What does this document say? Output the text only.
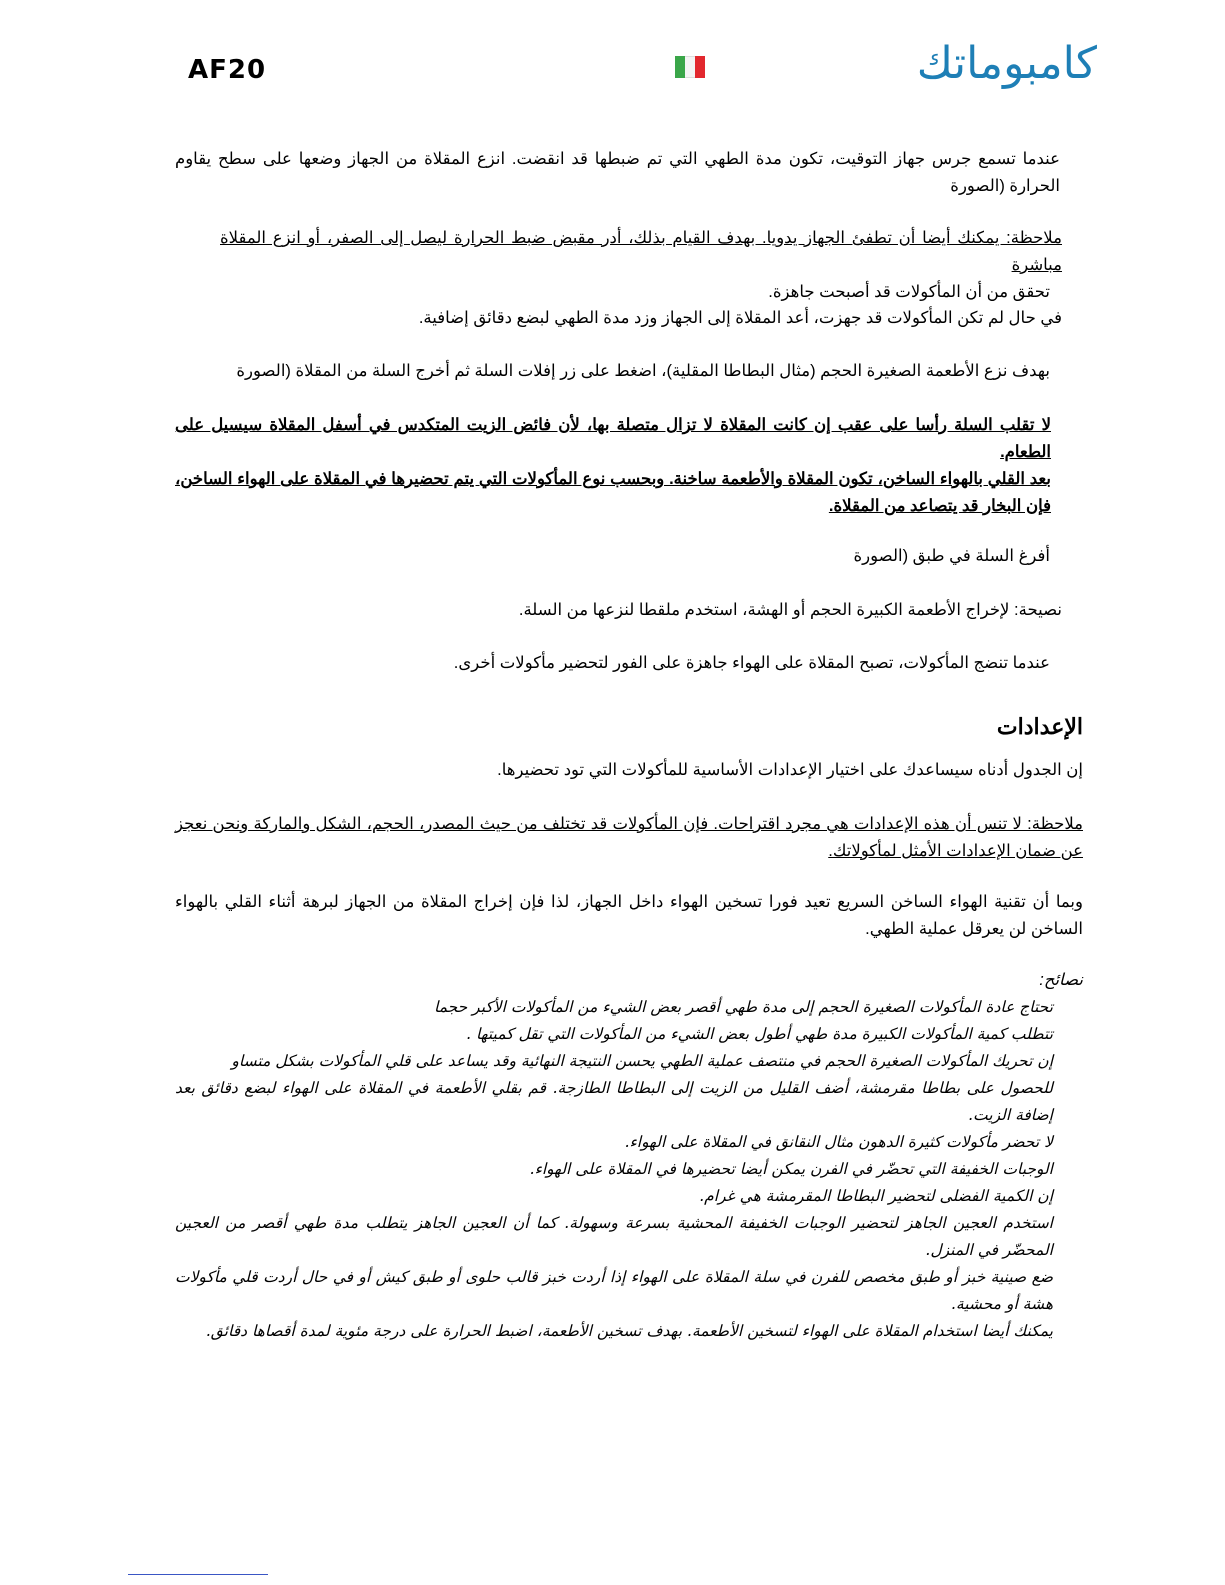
AF20	كامبوماتك
عندما تسمع جرس جهاز التوقيت، تكون مدة الطهي التي تم ضبطها قد انقضت. انزع المقلاة من الجهاز وضعها على سطح يقاوم الحرارة (الصورة
ملاحظة: يمكنك أيضا أن تطفئ الجهاز يدويا. بهدف القيام بذلك، أدر مقبض ضبط الحرارة ليصل إلى الصفر، أو انزع المقلاة مباشرة
تحقق من أن المأكولات قد أصبحت جاهزة.
في حال لم تكن المأكولات قد جهزت، أعد المقلاة إلى الجهاز وزد مدة الطهي لبضع دقائق إضافية.
بهدف نزع الأطعمة الصغيرة الحجم (مثال البطاطا المقلية)، اضغط على زر إفلات السلة ثم أخرج السلة من المقلاة (الصورة
لا تقلب السلة رأسا على عقب إن كانت المقلاة لا تزال متصلة بها، لأن فائض الزيت المتكدس في أسفل المقلاة سيسيل على الطعام.
بعد القلي بالهواء الساخن، تكون المقلاة والأطعمة ساخنة. وبحسب نوع المأكولات التي يتم تحضيرها في المقلاة على الهواء الساخن، فإن البخار قد يتصاعد من المقلاة.
أفرغ السلة في طبق (الصورة
نصيحة: لإخراج الأطعمة الكبيرة الحجم أو الهشة، استخدم ملقطا لنزعها من السلة.
عندما تنضج المأكولات، تصبح المقلاة على الهواء جاهزة على الفور لتحضير مأكولات أخرى.
الإعدادات
إن الجدول أدناه سيساعدك على اختيار الإعدادات الأساسية للمأكولات التي تود تحضيرها.
ملاحظة: لا تنس أن هذه الإعدادات هي مجرد اقتراحات. فإن المأكولات قد تختلف من حيث المصدر، الحجم، الشكل والماركة ونحن نعجز عن ضمان الإعدادات الأمثل لمأكولاتك.
وبما أن تقنية الهواء الساخن السريع تعيد فورا تسخين الهواء داخل الجهاز، لذا فإن إخراج المقلاة من الجهاز لبرهة أثناء القلي بالهواء الساخن لن يعرقل عملية الطهي.
نصائح:
تحتاج عادة المأكولات الصغيرة الحجم إلى مدة طهي أقصر بعض الشيء من المأكولات الأكبر حجما
تتطلب كمية المأكولات الكبيرة مدة طهي أطول بعض الشيء من المأكولات التي تقل كميتها .
إن تحريك المأكولات الصغيرة الحجم في منتصف عملية الطهي يحسن النتيجة النهائية وقد يساعد على قلي المأكولات بشكل متساو
للحصول على بطاطا مقرمشة، أضف القليل من الزيت إلى البطاطا الطازجة. قم بقلي الأطعمة في المقلاة على الهواء لبضع دقائق بعد إضافة الزيت.
لا تحضر مأكولات كثيرة الدهون مثال النقانق في المقلاة على الهواء.
الوجبات الخفيفة التي تحضّر في الفرن يمكن أيضا تحضيرها في المقلاة على الهواء.
إن الكمية الفضلى لتحضير البطاطا المقرمشة هي غرام.
استخدم العجين الجاهز لتحضير الوجبات الخفيفة المحشية بسرعة وسهولة. كما أن العجين الجاهز يتطلب مدة طهي أقصر من العجين المحضّر في المنزل.
ضع صينية خبز أو طبق مخصص للفرن في سلة المقلاة على الهواء إذا أردت خبز قالب حلوى أو طبق كيش أو في حال أردت قلي مأكولات هشة أو محشية.
يمكنك أيضا استخدام المقلاة على الهواء لتسخين الأطعمة. بهدف تسخين الأطعمة، اضبط الحرارة على درجة مئوية لمدة أقصاها دقائق.
